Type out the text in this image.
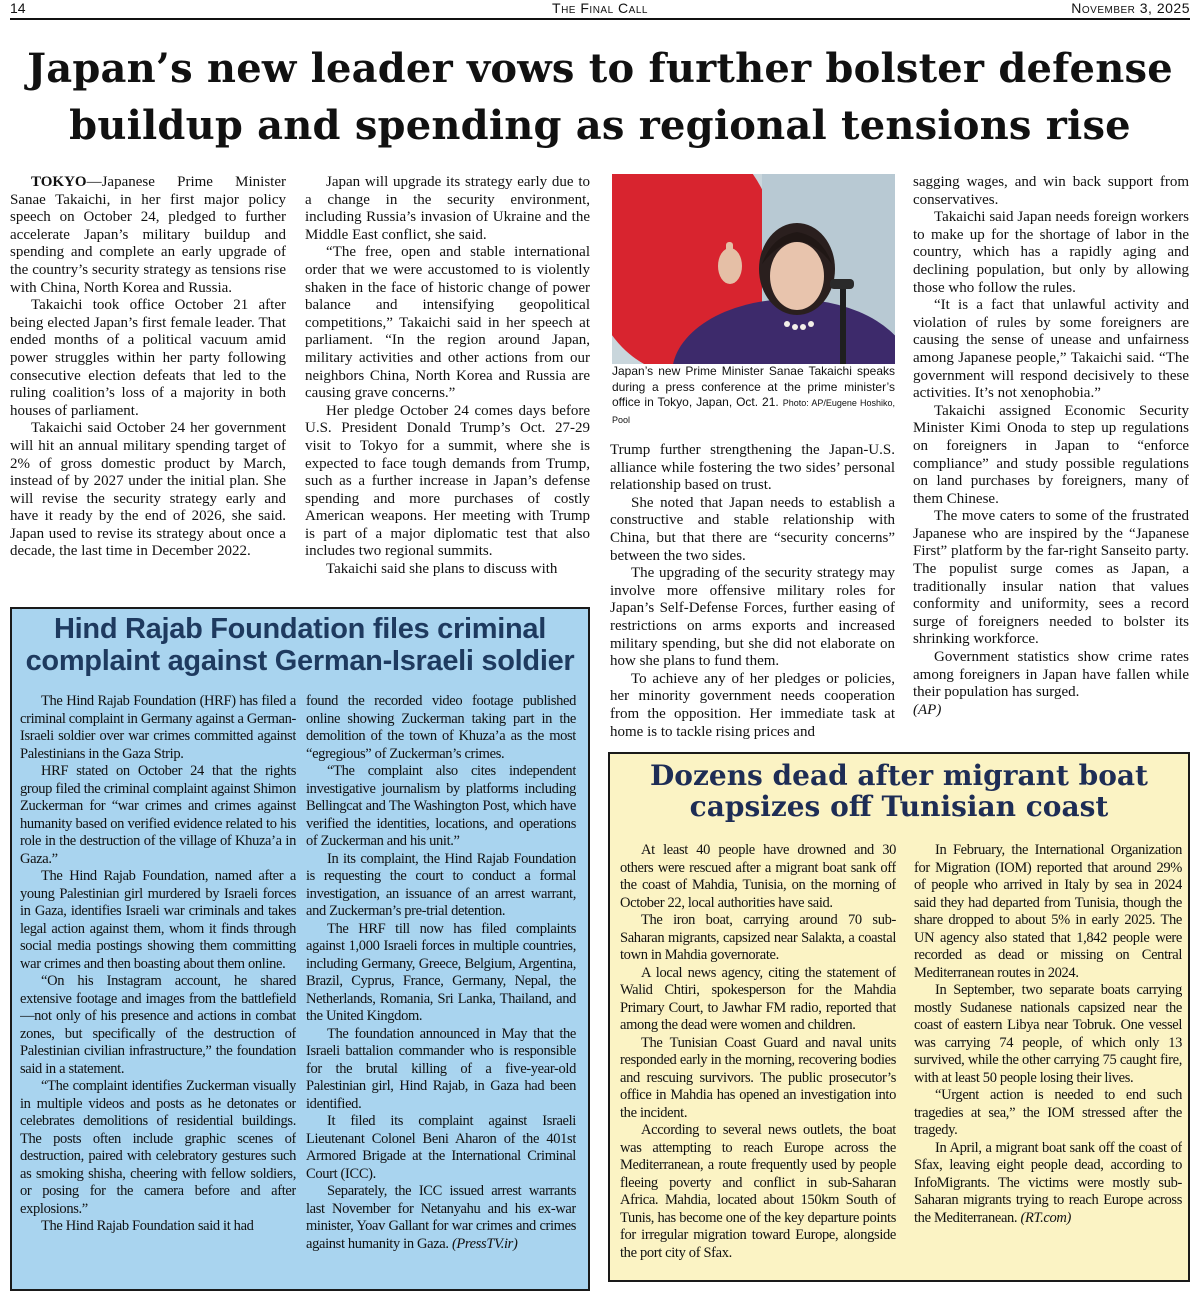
14	The Final Call	November 3, 2025
Japan’s new leader vows to further bolster defense buildup and spending as regional tensions rise

TOKYO—Japanese Prime Minister Sanae Takaichi, in her first major policy speech on October 24, pledged to further accelerate Japan’s military buildup and spending and complete an early upgrade of the country’s security strategy as tensions rise with China, North Korea and Russia.

Takaichi took office October 21 after being elected Japan’s first female leader. That ended months of a political vacuum amid power struggles within her party following consecutive election defeats that led to the ruling coalition’s loss of a majority in both houses of parliament.

Takaichi said October 24 her government will hit an annual military spending target of 2% of gross domestic product by March, instead of by 2027 under the initial plan. She will revise the security strategy early and have it ready by the end of 2026, she said. Japan used to revise its strategy about once a decade, the last time in December 2022.

Japan will upgrade its strategy early due to a change in the security environment, including Russia’s invasion of Ukraine and the Middle East conflict, she said.

“The free, open and stable international order that we were accustomed to is violently shaken in the face of historic change of power balance and intensifying geopolitical competitions,” Takaichi said in her speech at parliament. “In the region around Japan, military activities and other actions from our neighbors China, North Korea and Russia are causing grave concerns.”

Her pledge October 24 comes days before U.S. President Donald Trump’s Oct. 27-29 visit to Tokyo for a summit, where she is expected to face tough demands from Trump, such as a further increase in Japan’s defense spending and more purchases of costly American weapons. Her meeting with Trump is part of a major diplomatic test that also includes two regional summits.

Takaichi said she plans to discuss with

Japan’s new Prime Minister Sanae Takaichi speaks during a press conference at the prime minister’s office in Tokyo, Japan, Oct. 21. Photo: AP/Eugene Hoshiko, Pool

Trump further strengthening the Japan-U.S. alliance while fostering the two sides’ personal relationship based on trust.

She noted that Japan needs to establish a constructive and stable relationship with China, but that there are “security concerns” between the two sides.

The upgrading of the security strategy may involve more offensive military roles for Japan’s Self-Defense Forces, further easing of restrictions on arms exports and increased military spending, but she did not elaborate on how she plans to fund them.

To achieve any of her pledges or policies, her minority government needs cooperation from the opposition. Her immediate task at home is to tackle rising prices and

sagging wages, and win back support from conservatives.

Takaichi said Japan needs foreign workers to make up for the shortage of labor in the country, which has a rapidly aging and declining population, but only by allowing those who follow the rules.

“It is a fact that unlawful activity and violation of rules by some foreigners are causing the sense of unease and unfairness among Japanese people,” Takaichi said. “The government will respond decisively to these activities. It’s not xenophobia.”

Takaichi assigned Economic Security Minister Kimi Onoda to step up regulations on foreigners in Japan to “enforce compliance” and study possible regulations on land purchases by foreigners, many of them Chinese.

The move caters to some of the frustrated Japanese who are inspired by the “Japanese First” platform by the far-right Sanseito party. The populist surge comes as Japan, a traditionally insular nation that values conformity and uniformity, sees a record surge of foreigners needed to bolster its shrinking workforce.

Government statistics show crime rates among foreigners in Japan have fallen while their population has surged.

(AP)

Hind Rajab Foundation files criminal complaint against German-Israeli soldier

The Hind Rajab Foundation (HRF) has filed a criminal complaint in Germany against a German-Israeli soldier over war crimes committed against Palestinians in the Gaza Strip.

HRF stated on October 24 that the rights group filed the criminal complaint against Shimon Zuckerman for “war crimes and crimes against humanity based on verified evidence related to his role in the destruction of the village of Khuza’a in Gaza.”

The Hind Rajab Foundation, named after a young Palestinian girl murdered by Israeli forces in Gaza, identifies Israeli war criminals and takes legal action against them, whom it finds through social media postings showing them committing war crimes and then boasting about them online.

“On his Instagram account, he shared extensive footage and images from the battlefield—not only of his presence and actions in combat zones, but specifically of the destruction of Palestinian civilian infrastructure,” the foundation said in a statement.

“The complaint identifies Zuckerman visually in multiple videos and posts as he detonates or celebrates demolitions of residential buildings. The posts often include graphic scenes of destruction, paired with celebratory gestures such as smoking shisha, cheering with fellow soldiers, or posing for the camera before and after explosions.”

The Hind Rajab Foundation said it had

found the recorded video footage published online showing Zuckerman taking part in the demolition of the town of Khuza’a as the most “egregious” of Zuckerman’s crimes.

“The complaint also cites independent investigative journalism by platforms including Bellingcat and The Washington Post, which have verified the identities, locations, and operations of Zuckerman and his unit.”

In its complaint, the Hind Rajab Foundation is requesting the court to conduct a formal investigation, an issuance of an arrest warrant, and Zuckerman’s pre-trial detention.

The HRF till now has filed complaints against 1,000 Israeli forces in multiple countries, including Germany, Greece, Belgium, Argentina, Brazil, Cyprus, France, Germany, Nepal, the Netherlands, Romania, Sri Lanka, Thailand, and the United Kingdom.

The foundation announced in May that the Israeli battalion commander who is responsible for the brutal killing of a five-year-old Palestinian girl, Hind Rajab, in Gaza had been identified.

It filed its complaint against Israeli Lieutenant Colonel Beni Aharon of the 401st Armored Brigade at the International Criminal Court (ICC).

Separately, the ICC issued arrest warrants last November for Netanyahu and his ex-war minister, Yoav Gallant for war crimes and crimes against humanity in Gaza. (PressTV.ir)

Dozens dead after migrant boat capsizes off Tunisian coast

At least 40 people have drowned and 30 others were rescued after a migrant boat sank off the coast of Mahdia, Tunisia, on the morning of October 22, local authorities have said.

The iron boat, carrying around 70 sub-Saharan migrants, capsized near Salakta, a coastal town in Mahdia governorate.

A local news agency, citing the statement of Walid Chtiri, spokesperson for the Mahdia Primary Court, to Jawhar FM radio, reported that among the dead were women and children.

The Tunisian Coast Guard and naval units responded early in the morning, recovering bodies and rescuing survivors. The public prosecutor’s office in Mahdia has opened an investigation into the incident.

According to several news outlets, the boat was attempting to reach Europe across the Mediterranean, a route frequently used by people fleeing poverty and conflict in sub-Saharan Africa. Mahdia, located about 150km South of Tunis, has become one of the key departure points for irregular migration toward Europe, alongside the port city of Sfax.

In February, the International Organization for Migration (IOM) reported that around 29% of people who arrived in Italy by sea in 2024 said they had departed from Tunisia, though the share dropped to about 5% in early 2025. The UN agency also stated that 1,842 people were recorded as dead or missing on Central Mediterranean routes in 2024.

In September, two separate boats carrying mostly Sudanese nationals capsized near the coast of eastern Libya near Tobruk. One vessel was carrying 74 people, of which only 13 survived, while the other carrying 75 caught fire, with at least 50 people losing their lives.

“Urgent action is needed to end such tragedies at sea,” the IOM stressed after the tragedy.

In April, a migrant boat sank off the coast of Sfax, leaving eight people dead, according to InfoMigrants. The victims were mostly sub-Saharan migrants trying to reach Europe across the Mediterranean. (RT.com)
